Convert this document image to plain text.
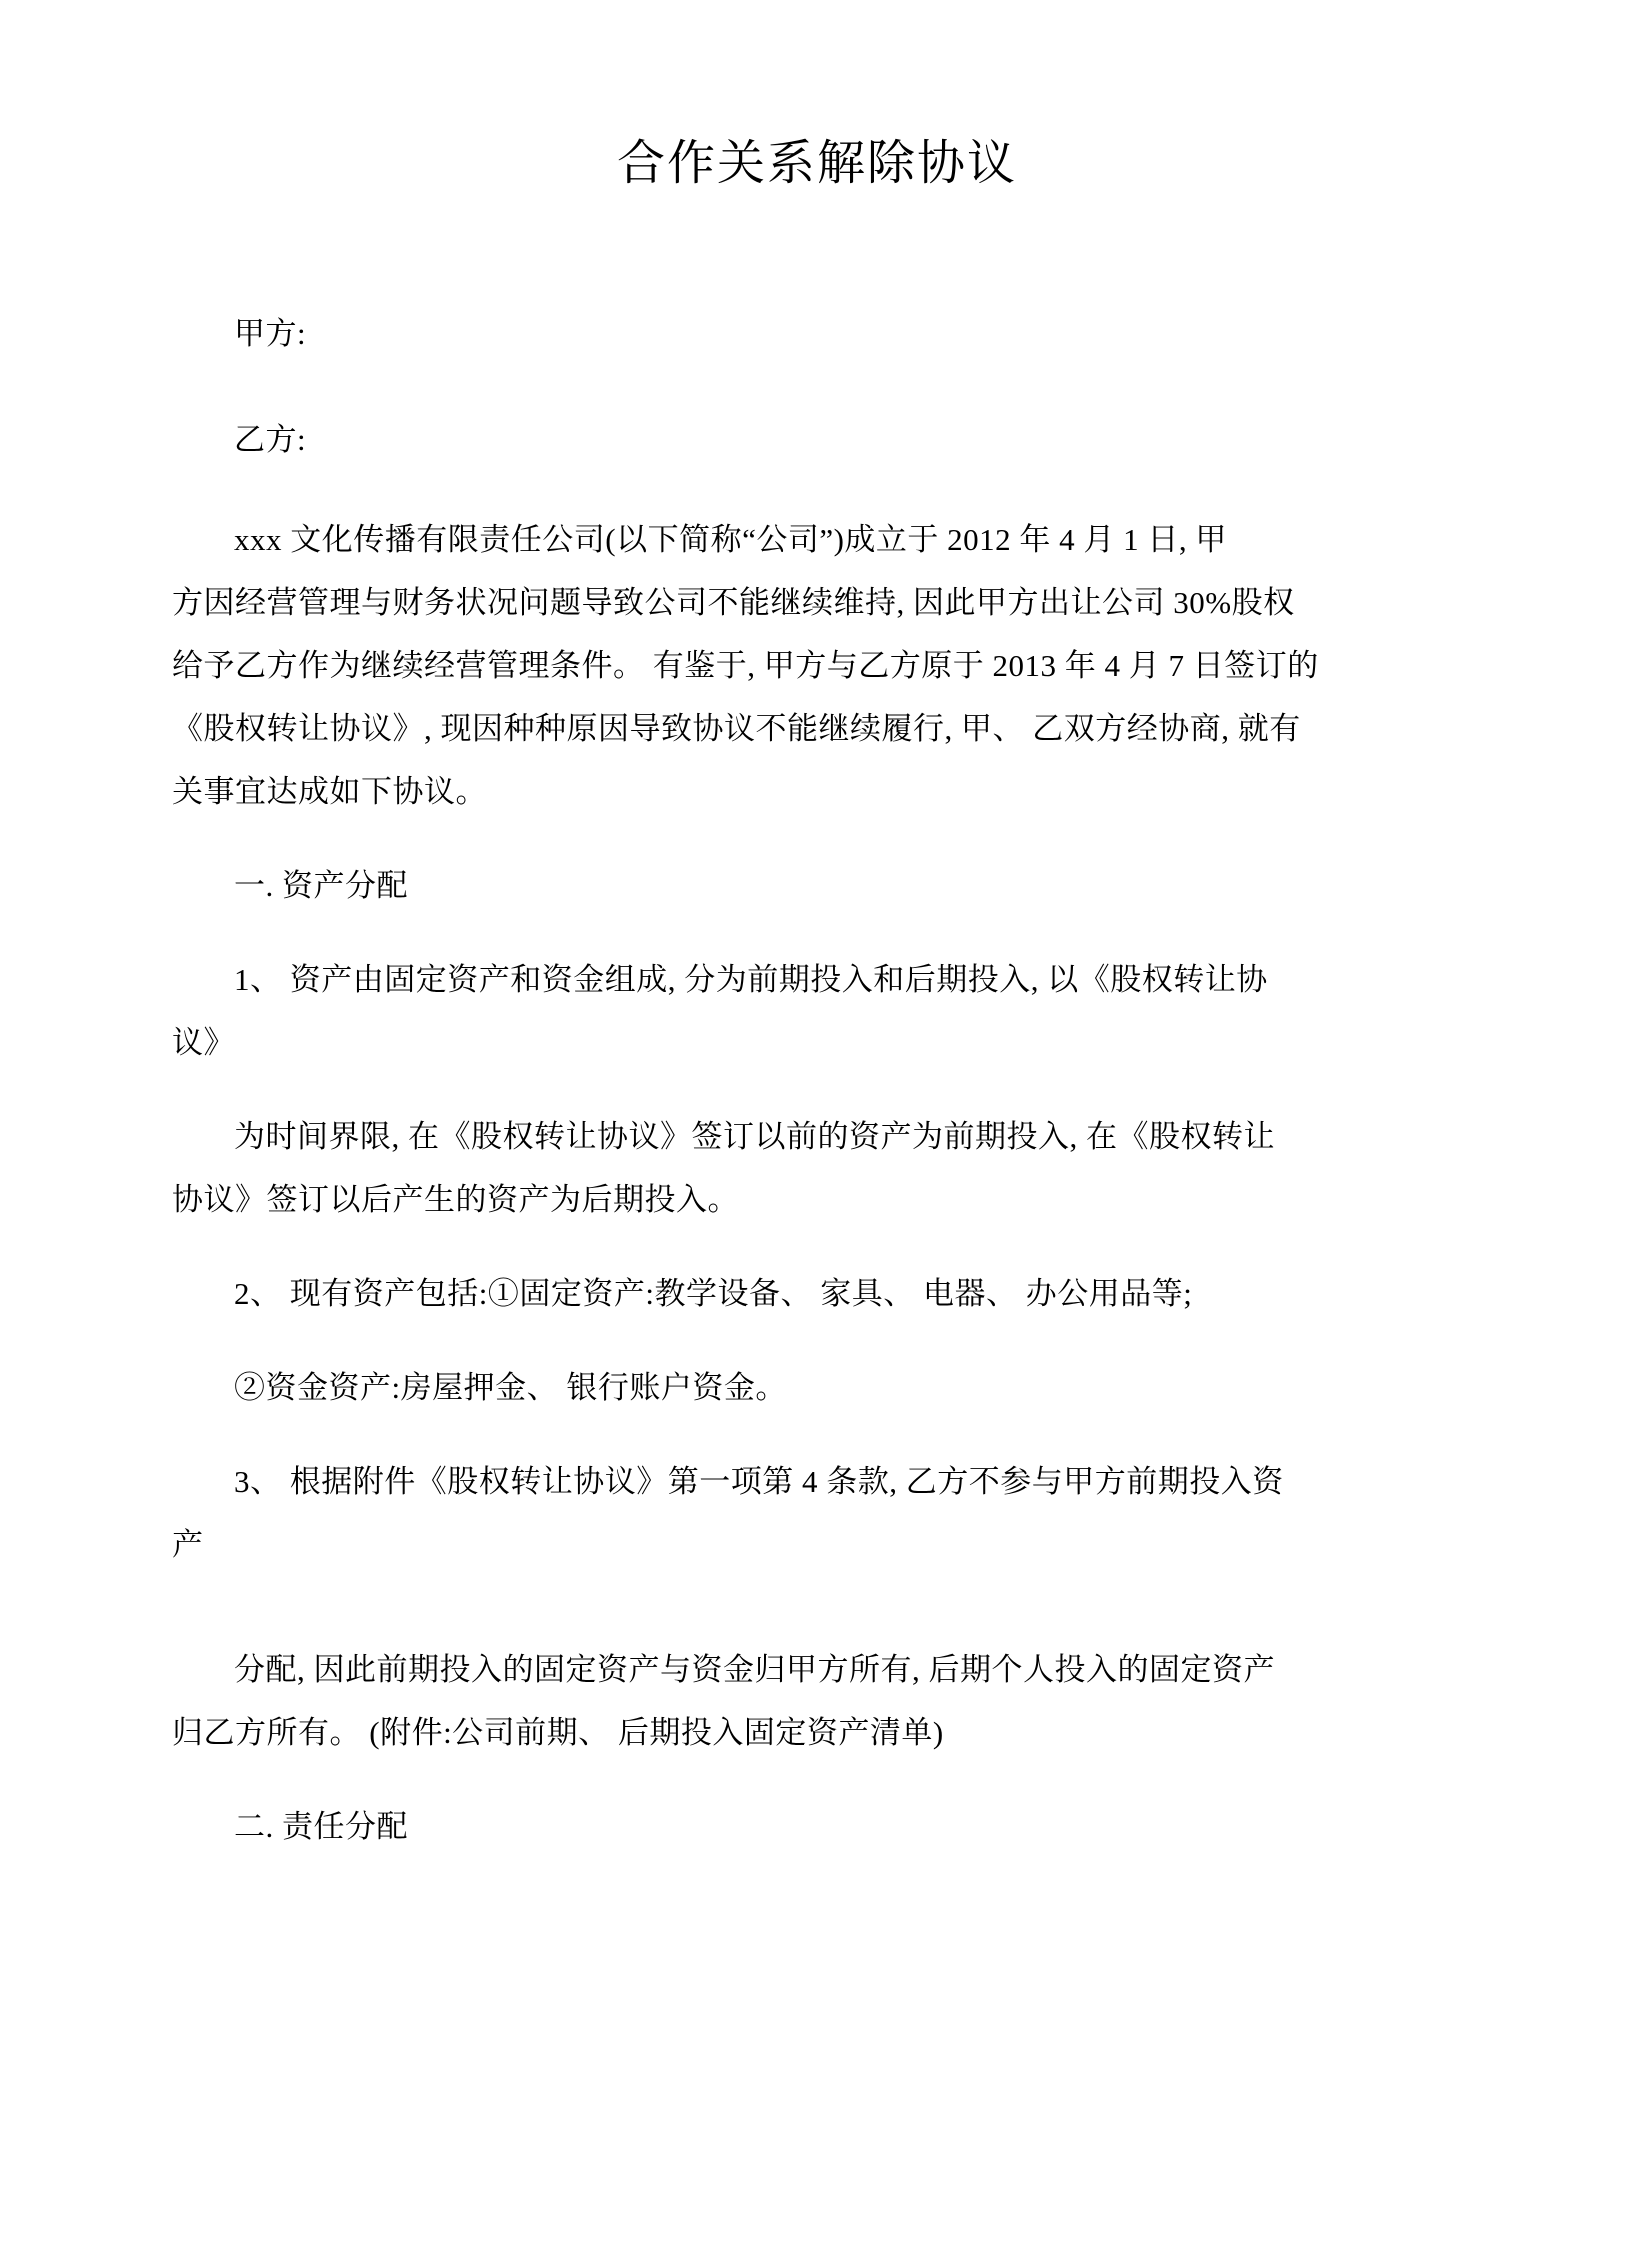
合作关系解除协议
甲方:
乙方:
xxx 文化传播有限责任公司(以下简称“公司”)成立于 2012 年 4 月 1 日, 甲
方因经营管理与财务状况问题导致公司不能继续维持, 因此甲方出让公司 30%股权
给予乙方作为继续经营管理条件。 有鉴于, 甲方与乙方原于 2013 年 4 月 7 日签订的
《股权转让协议》, 现因种种原因导致协议不能继续履行, 甲、 乙双方经协商, 就有
关事宜达成如下协议。
一. 资产分配
1、 资产由固定资产和资金组成, 分为前期投入和后期投入, 以《股权转让协
议》
为时间界限, 在《股权转让协议》签订以前的资产为前期投入, 在《股权转让
协议》签订以后产生的资产为后期投入。
2、 现有资产包括:①固定资产:教学设备、 家具、 电器、 办公用品等;
②资金资产:房屋押金、 银行账户资金。
3、 根据附件《股权转让协议》第一项第 4 条款, 乙方不参与甲方前期投入资
产
分配, 因此前期投入的固定资产与资金归甲方所有, 后期个人投入的固定资产
归乙方所有。 (附件:公司前期、 后期投入固定资产清单)
二. 责任分配
